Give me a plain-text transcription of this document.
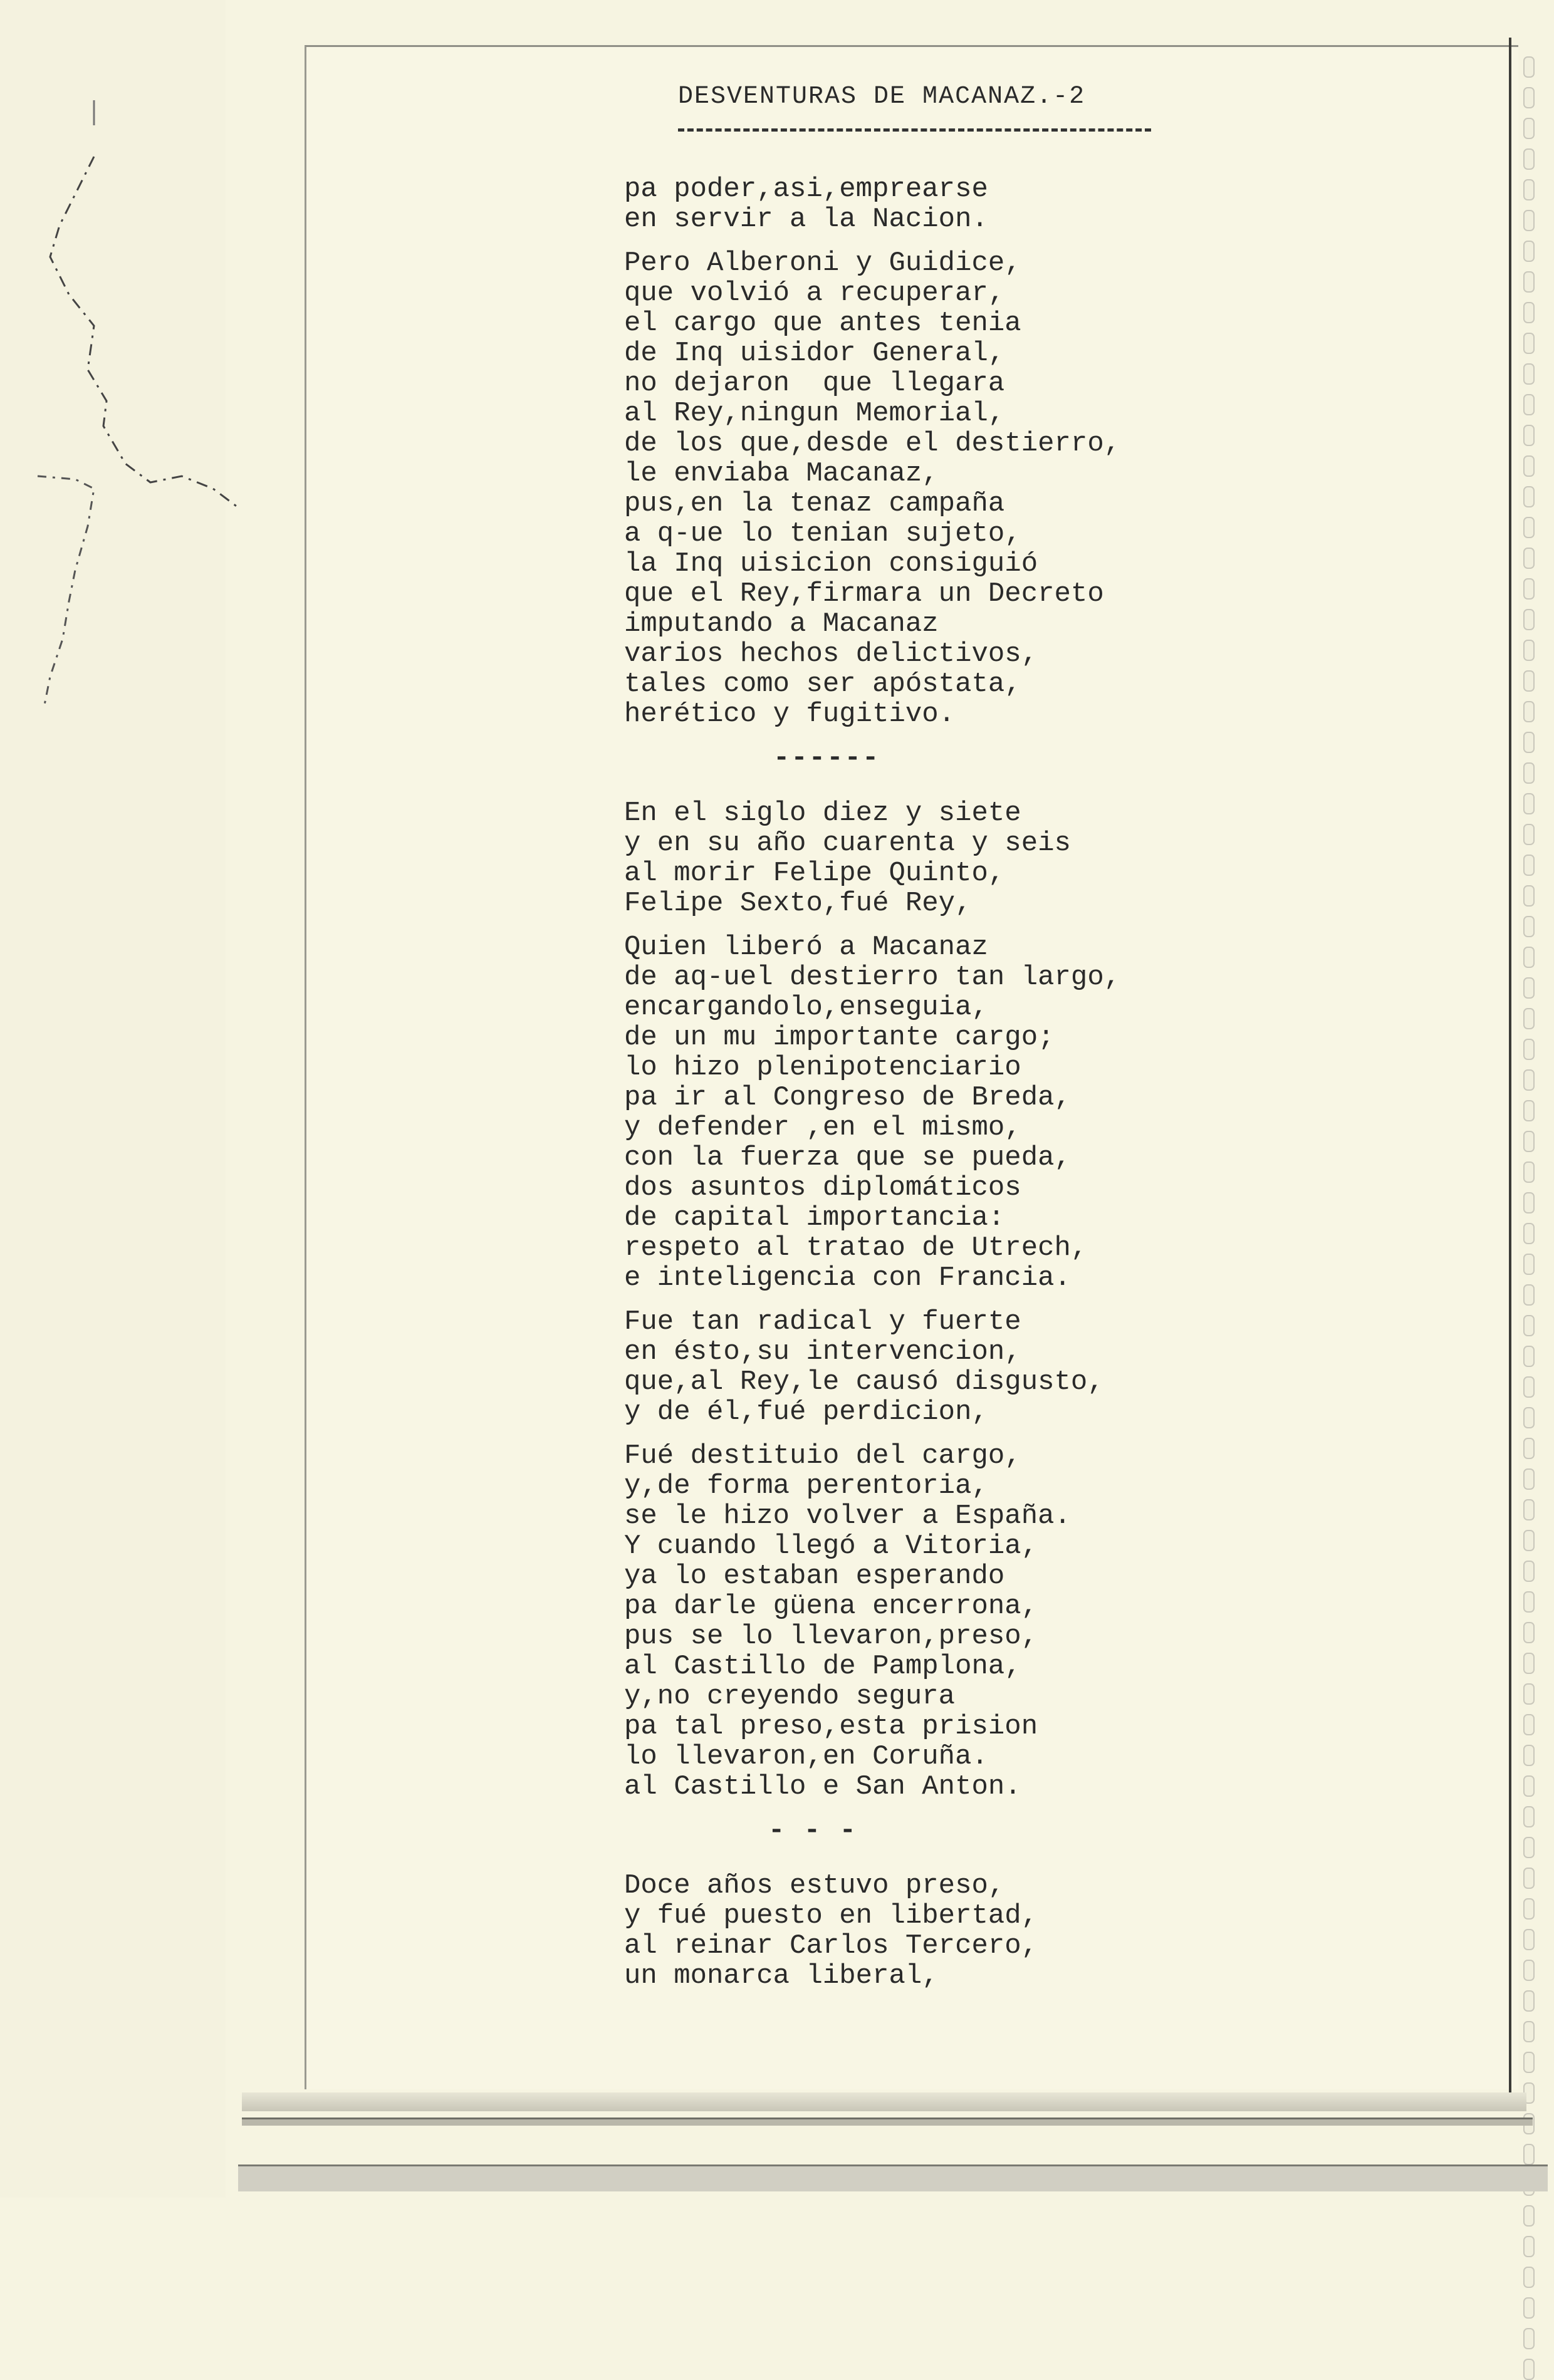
DESVENTURAS DE MACANAZ.-2
pa poder,asi,emprearse
en servir a la Nacion.
Pero Alberoni y Guidice,
que volvió a recuperar,
el cargo que antes tenia
de Inq uisidor General,
no dejaron  que llegara
al Rey,ningun Memorial,
de los que,desde el destierro,
le enviaba Macanaz,
pus,en la tenaz campaña
a q-ue lo tenian sujeto,
la Inq uisicion consiguió
que el Rey,firmara un Decreto
imputando a Macanaz
varios hechos delictivos,
tales como ser apóstata,
herético y fugitivo.
------
En el siglo diez y siete
y en su año cuarenta y seis
al morir Felipe Quinto,
Felipe Sexto,fué Rey,
Quien liberó a Macanaz
de aq-uel destierro tan largo,
encargandolo,enseguia,
de un mu importante cargo;
lo hizo plenipotenciario
pa ir al Congreso de Breda,
y defender ,en el mismo,
con la fuerza que se pueda,
dos asuntos diplomáticos
de capital importancia:
respeto al tratao de Utrech,
e inteligencia con Francia.
Fue tan radical y fuerte
en ésto,su intervencion,
que,al Rey,le causó disgusto,
y de él,fué perdicion,
Fué destituio del cargo,
y,de forma perentoria,
se le hizo volver a España.
Y cuando llegó a Vitoria,
ya lo estaban esperando
pa darle güena encerrona,
pus se lo llevaron,preso,
al Castillo de Pamplona,
y,no creyendo segura
pa tal preso,esta prision
lo llevaron,en Coruña.
al Castillo e San Anton.
- - -
Doce años estuvo preso,
y fué puesto en libertad,
al reinar Carlos Tercero,
un monarca liberal,
